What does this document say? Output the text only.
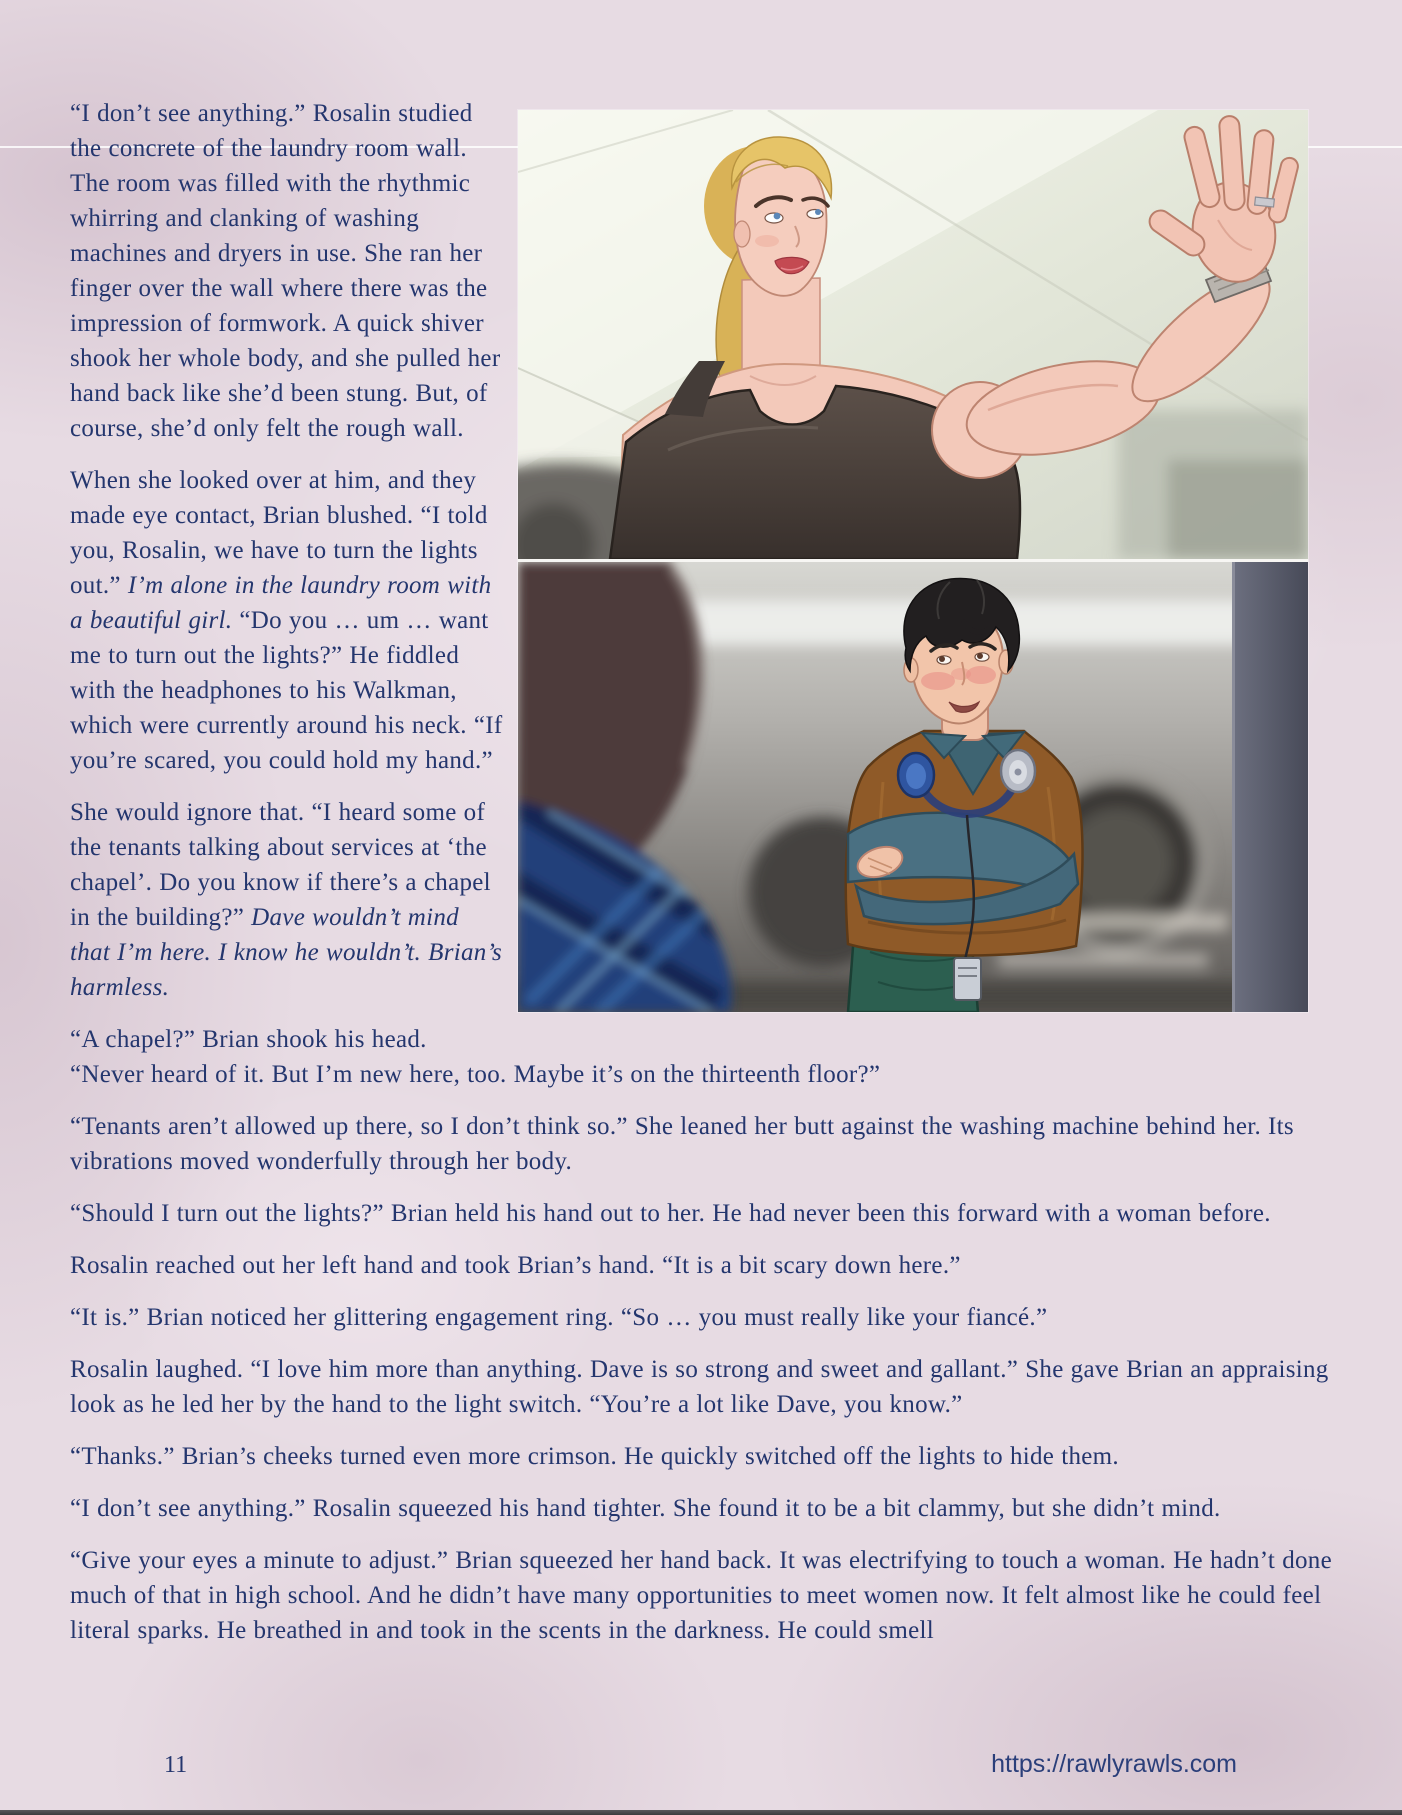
“I don’t see anything.” Rosalin studied the concrete of the laundry room wall. The room was filled with the rhythmic whirring and clanking of washing machines and dryers in use. She ran her finger over the wall where there was the impression of formwork. A quick shiver shook her whole body, and she pulled her hand back like she’d been stung. But, of course, she’d only felt the rough wall.

When she looked over at him, and they made eye contact, Brian blushed. “I told you, Rosalin, we have to turn the lights out.” I’m alone in the laundry room with a beautiful girl. “Do you … um … want me to turn out the lights?” He fiddled with the headphones to his Walkman, which were currently around his neck. “If you’re scared, you could hold my hand.”

She would ignore that. “I heard some of the tenants talking about services at ‘the chapel’. Do you know if there’s a chapel in the building?” Dave wouldn’t mind that I’m here. I know he wouldn’t. Brian’s harmless.

“A chapel?” Brian shook his head. “Never heard of it. But I’m new here, too. Maybe it’s on the thirteenth floor?”

“Tenants aren’t allowed up there, so I don’t think so.” She leaned her butt against the washing machine behind her. Its vibrations moved wonderfully through her body.

“Should I turn out the lights?” Brian held his hand out to her. He had never been this forward with a woman before.

Rosalin reached out her left hand and took Brian’s hand. “It is a bit scary down here.”

“It is.” Brian noticed her glittering engagement ring. “So … you must really like your fiancé.”

Rosalin laughed. “I love him more than anything. Dave is so strong and sweet and gallant.” She gave Brian an appraising look as he led her by the hand to the light switch. “You’re a lot like Dave, you know.”

“Thanks.” Brian’s cheeks turned even more crimson. He quickly switched off the lights to hide them.

“I don’t see anything.” Rosalin squeezed his hand tighter. She found it to be a bit clammy, but she didn’t mind.

“Give your eyes a minute to adjust.” Brian squeezed her hand back. It was electrifying to touch a woman. He hadn’t done much of that in high school. And he didn’t have many opportunities to meet women now. It felt almost like he could feel literal sparks. He breathed in and took in the scents in the darkness. He could smell

11	https://rawlyrawls.com
